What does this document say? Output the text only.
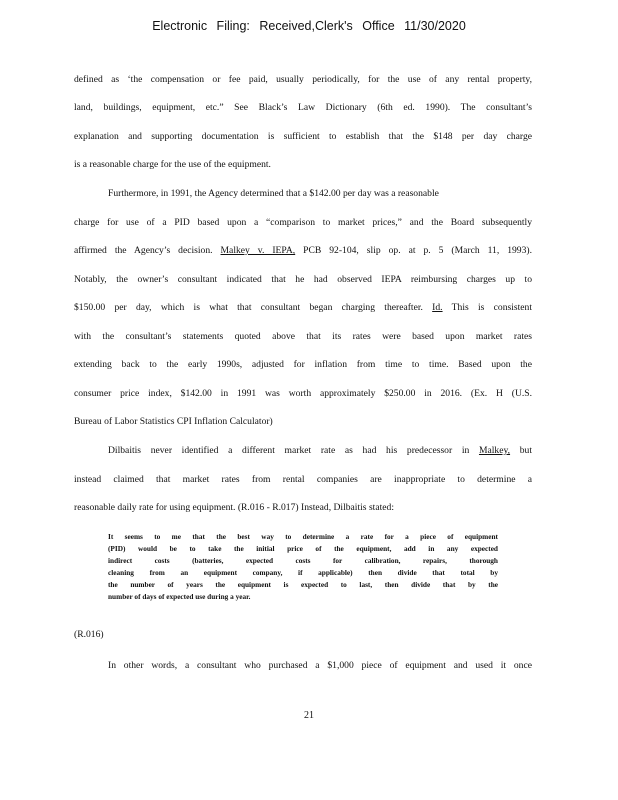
Electronic Filing: Received,Clerk's Office 11/30/2020
defined as ‘the compensation or fee paid, usually periodically, for the use of any rental property,
land, buildings, equipment, etc.” See Black’s Law Dictionary (6th ed. 1990). The consultant’s
explanation and supporting documentation is sufficient to establish that the $148 per day charge
is a reasonable charge for the use of the equipment.
Furthermore, in 1991, the Agency determined that a $142.00 per day was a reasonable
charge for use of a PID based upon a “comparison to market prices,” and the Board subsequently
affirmed the Agency’s decision. Malkey v. IEPA, PCB 92-104, slip op. at p. 5 (March 11, 1993).
Notably, the owner’s consultant indicated that he had observed IEPA reimbursing charges up to
$150.00 per day, which is what that consultant began charging thereafter. Id. This is consistent
with the consultant’s statements quoted above that its rates were based upon market rates
extending back to the early 1990s, adjusted for inflation from time to time. Based upon the
consumer price index, $142.00 in 1991 was worth approximately $250.00 in 2016. (Ex. H (U.S.
Bureau of Labor Statistics CPI Inflation Calculator)
Dilbaitis never identified a different market rate as had his predecessor in Malkey, but
instead claimed that market rates from rental companies are inappropriate to determine a
reasonable daily rate for using equipment. (R.016 - R.017) Instead, Dilbaitis stated:
It seems to me that the best way to determine a rate for a piece of equipment
(PID) would be to take the initial price of the equipment, add in any expected
indirect costs (batteries, expected costs for calibration, repairs, thorough
cleaning from an equipment company, if applicable) then divide that total by
the number of years the equipment is expected to last, then divide that by the
number of days of expected use during a year.
(R.016)
In other words, a consultant who purchased a $1,000 piece of equipment and used it once
21
